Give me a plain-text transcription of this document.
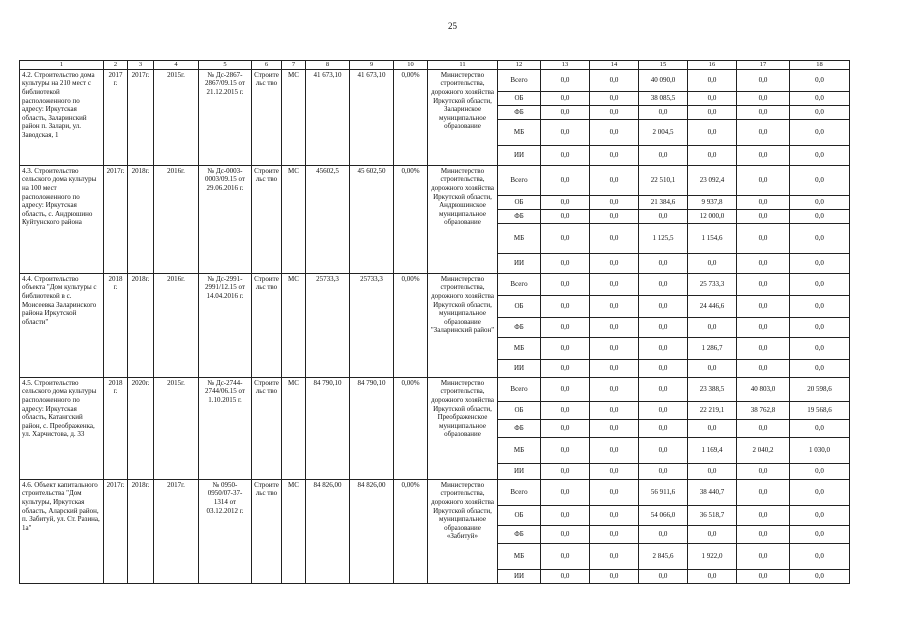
25
1	2	3	4	5	6	7	8	9	10	11	12	13	14	15	16	17	18
4.2. Строительство дома культуры на 210 мест с библиотекой расположенного по адресу: Иркутская область, Заларинский район п. Залари, ул. Заводская, 1	2017 г.	2017г.	2015г.	№ Дс-2867-2867/09.15 от 21.12.2015 г.	Строительс тво	МС	41 673,10	41 673,10	0,00%	Министерство строительства, дорожного хозяйства Иркутской области, Заларинское муниципальное образование	Всего	0,0	0,0	40 090,0	0,0	0,0	0,0
											ОБ	0,0	0,0	38 085,5	0,0	0,0	0,0
											ФБ	0,0	0,0	0,0	0,0	0,0	0,0
											МБ	0,0	0,0	2 004,5	0,0	0,0	0,0
											ИИ	0,0	0,0	0,0	0,0	0,0	0,0
4.3. Строительство сельского дома культуры на 100 мест расположенного по адресу: Иркутская область, с. Андрюшино Куйтунского района	2017г.	2018г.	2016г.	№ Дс-0003-0003/09.15 от 29.06.2016 г.	Строительс тво	МС	45602,5	45 602,50	0,00%	Министерство строительства, дорожного хозяйства Иркутской области, Андрюшинское муниципальное образование	Всего	0,0	0,0	22 510,1	23 092,4	0,0	0,0
											ОБ	0,0	0,0	21 384,6	9 937,8	0,0	0,0
											ФБ	0,0	0,0	0,0	12 000,0	0,0	0,0
											МБ	0,0	0,0	1 125,5	1 154,6	0,0	0,0
											ИИ	0,0	0,0	0,0	0,0	0,0	0,0
4.4. Строительство объекта "Дом культуры с библиотекой в с. Моисеевка Заларинского района Иркутской области"	2018 г.	2018г.	2016г.	№ Дс-2991-2991/12.15 от 14.04.2016 г.	Строительс тво	МС	25733,3	25733,3	0,00%	Министерство строительства, дорожного хозяйства Иркутской области, муниципальное образование "Заларинский район"	Всего	0,0	0,0	0,0	25 733,3	0,0	0,0
											ОБ	0,0	0,0	0,0	24 446,6	0,0	0,0
											ФБ	0,0	0,0	0,0	0,0	0,0	0,0
											МБ	0,0	0,0	0,0	1 286,7	0,0	0,0
											ИИ	0,0	0,0	0,0	0,0	0,0	0,0
4.5. Строительство сельского дома культуры расположенного по адресу: Иркутская область, Катангский район, с. Преображенка, ул. Харчистова, д. 33	2018 г.	2020г.	2015г.	№ Дс-2744-2744/06.15 от 1.10.2015 г.	Строительс тво	МС	84 790,10	84 790,10	0,00%	Министерство строительства, дорожного хозяйства Иркутской области, Преображенское муниципальное образование	Всего	0,0	0,0	0,0	23 388,5	40 803,0	20 598,6
											ОБ	0,0	0,0	0,0	22 219,1	38 762,8	19 568,6
											ФБ	0,0	0,0	0,0	0,0	0,0	0,0
											МБ	0,0	0,0	0,0	1 169,4	2 040,2	1 030,0
											ИИ	0,0	0,0	0,0	0,0	0,0	0,0
4.6. Объект капитального строительства "Дом культуры, Иркутская область, Аларский район, п. Забитуй, ул. Ст. Разина, 1а"	2017г.	2018г.	2017г.	№ 0950-0950/07-37-1314 от 03.12.2012 г.	Строительс тво	МС	84 826,00	84 826,00	0,00%	Министерство строительства, дорожного хозяйства Иркутской области, муниципальное образование «Забитуй»	Всего	0,0	0,0	56 911,6	38 440,7	0,0	0,0
											ОБ	0,0	0,0	54 066,0	36 518,7	0,0	0,0
											ФБ	0,0	0,0	0,0	0,0	0,0	0,0
											МБ	0,0	0,0	2 845,6	1 922,0	0,0	0,0
											ИИ	0,0	0,0	0,0	0,0	0,0	0,0
